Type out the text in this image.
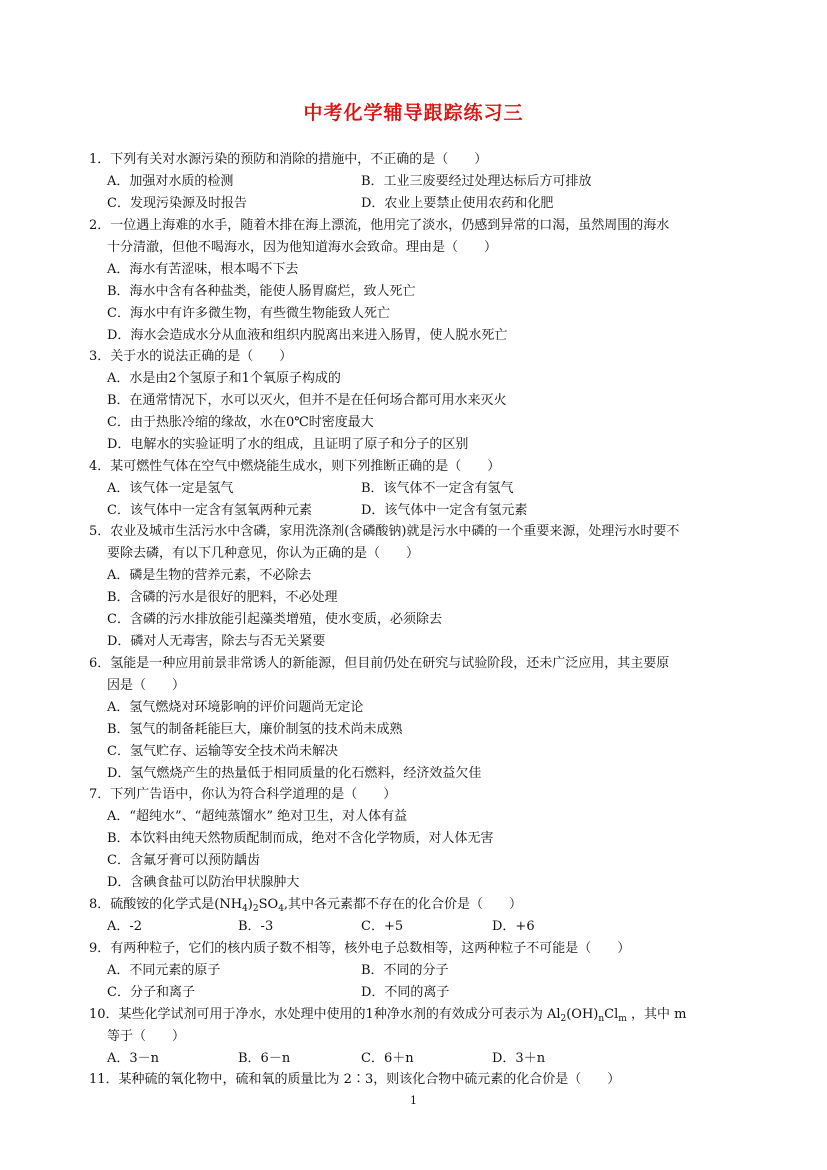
中考化学辅导跟踪练习三
1．下列有关对水源污染的预防和消除的措施中，不正确的是（　　）
A．加强对水质的检测	B．工业三废要经过处理达标后方可排放
C．发现污染源及时报告	D．农业上要禁止使用农药和化肥
2．一位遇上海难的水手，随着木排在海上漂流，他用完了淡水，仍感到异常的口渴，虽然周围的海水
十分清澈，但他不喝海水，因为他知道海水会致命。理由是（　　）
A．海水有苦涩味，根本喝不下去
B．海水中含有各种盐类，能使人肠胃腐烂，致人死亡
C．海水中有许多微生物，有些微生物能致人死亡
D．海水会造成水分从血液和组织内脱离出来进入肠胃，使人脱水死亡
3．关于水的说法正确的是（　　）
A．水是由2个氢原子和1个氧原子构成的
B．在通常情况下，水可以灭火，但并不是在任何场合都可用水来灭火
C．由于热胀冷缩的缘故，水在0℃时密度最大
D．电解水的实验证明了水的组成，且证明了原子和分子的区别
4．某可燃性气体在空气中燃烧能生成水，则下列推断正确的是（　　）
A．该气体一定是氢气	B．该气体不一定含有氢气
C．该气体中一定含有氢氧两种元素	D．该气体中一定含有氢元素
5．农业及城市生活污水中含磷，家用洗涤剂(含磷酸钠)就是污水中磷的一个重要来源，处理污水时要不
要除去磷，有以下几种意见，你认为正确的是（　　）
A．磷是生物的营养元素，不必除去
B．含磷的污水是很好的肥料，不必处理
C．含磷的污水排放能引起藻类增殖，使水变质，必须除去
D．磷对人无毒害，除去与否无关紧要
6．氢能是一种应用前景非常诱人的新能源，但目前仍处在研究与试验阶段，还未广泛应用，其主要原
因是（　　）
A．氢气燃烧对环境影响的评价问题尚无定论
B．氢气的制备耗能巨大，廉价制氢的技术尚未成熟
C．氢气贮存、运输等安全技术尚未解决
D．氢气燃烧产生的热量低于相同质量的化石燃料，经济效益欠佳
7．下列广告语中，你认为符合科学道理的是（　　）
A．“超纯水”、“超纯蒸馏水” 绝对卫生，对人体有益
B．本饮料由纯天然物质配制而成，绝对不含化学物质，对人体无害
C．含氟牙膏可以预防龋齿
D．含碘食盐可以防治甲状腺肿大
8．硫酸铵的化学式是$(NH_4)_2SO_4$,其中各元素都不存在的化合价是（　　）
A．-2	B．-3	C．+5	D．+6
9．有两种粒子，它们的核内质子数不相等，核外电子总数相等，这两种粒子不可能是（　　）
A．不同元素的原子	B．不同的分子
C．分子和离子	D．不同的离子
10．某些化学试剂可用于净水，水处理中使用的1种净水剂的有效成分可表示为 $Al_2(OH)_nCl_m$ ，其中 m
等于（　　）
A．3－n	B．6－n	C．6＋n	D．3＋n
11．某种硫的氧化物中，硫和氧的质量比为 2∶3，则该化合物中硫元素的化合价是（　　）
1
